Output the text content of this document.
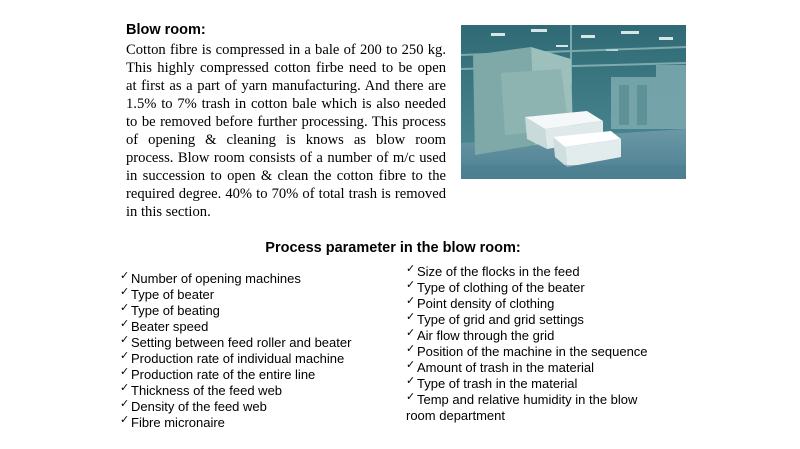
Blow room:
Cotton fibre is compressed in a bale of 200 to 250 kg. This highly compressed cotton firbe need to be open at first as a part of yarn manufacturing. And there are 1.5% to 7% trash in cotton bale which is also needed to be removed before further processing. This process of opening & cleaning is knows as blow room process. Blow room consists of a number of m/c used in succession to open & clean the cotton fibre to the required degree. 40% to 70% of total trash is removed in this section.
Process parameter in the blow room:
✓ Number of opening machines
✓ Type of beater
✓ Type of beating
✓ Beater speed
✓ Setting between feed roller and beater
✓ Production rate of individual machine
✓ Production rate of the entire line
✓ Thickness of the feed web
✓ Density of the feed web
✓ Fibre micronaire
✓ Size of the flocks in the feed
✓ Type of clothing of the beater
✓ Point density of clothing
✓ Type of grid and grid settings
✓ Air flow through the grid
✓ Position of the machine in the sequence
✓ Amount of trash in the material
✓ Type of trash in the material
✓ Temp and relative humidity in the blow
room department
